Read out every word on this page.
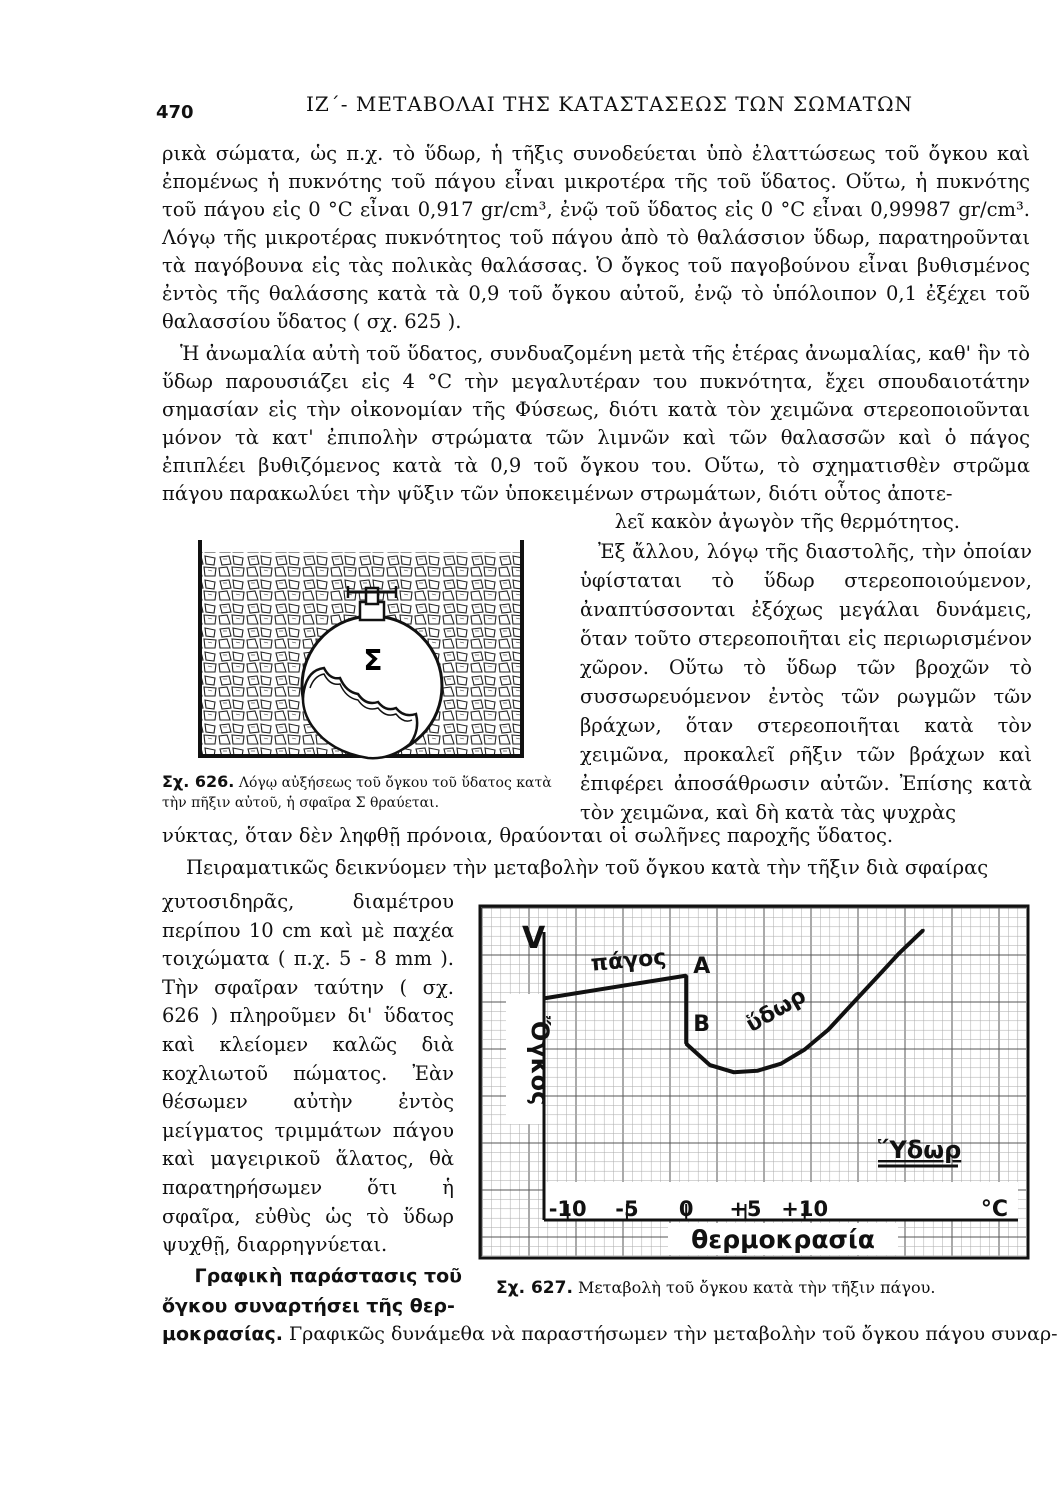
470	ΙΖ΄- ΜΕΤΑΒΟΛΑΙ ΤΗΣ ΚΑΤΑΣΤΑΣΕΩΣ ΤΩΝ ΣΩΜΑΤΩΝ
ρικὰ σώματα, ὡς π.χ. τὸ ὕδωρ, ἡ τῆξις συνοδεύεται ὑπὸ ἐλαττώσεως τοῦ ὄγκου καὶ ἐπομένως ἡ πυκνότης τοῦ πάγου εἶναι μικροτέρα τῆς τοῦ ὕδατος. Οὕτω, ἡ πυκνότης τοῦ πάγου εἰς 0 °C εἶναι 0,917 gr/cm³, ἐνῷ τοῦ ὕδατος εἰς 0 °C εἶναι 0,99987 gr/cm³. Λόγῳ τῆς μικροτέρας πυκνότητος τοῦ πάγου ἀπὸ τὸ θαλάσσιον ὕδωρ, παρατηροῦνται τὰ παγόβουνα εἰς τὰς πολικὰς θαλάσσας. Ὁ ὄγκος τοῦ παγοβούνου εἶναι βυθισμένος ἐντὸς τῆς θαλάσσης κατὰ τὰ 0,9 τοῦ ὄγκου αὐτοῦ, ἐνῷ τὸ ὑπόλοιπον 0,1 ἐξέχει τοῦ θαλασσίου ὕδατος ( σχ. 625 ).
Ἡ ἀνωμαλία αὐτὴ τοῦ ὕδατος, συνδυαζομένη μετὰ τῆς ἑτέρας ἀνωμαλίας, καθ' ἣν τὸ ὕδωρ παρουσιάζει εἰς 4 °C τὴν μεγαλυτέραν του πυκνότητα, ἔχει σπουδαιοτάτην σημασίαν εἰς τὴν οἰκονομίαν τῆς Φύσεως, διότι κατὰ τὸν χειμῶνα στερεοποιοῦνται μόνον τὰ κατ' ἐπιπολὴν στρώματα τῶν λιμνῶν καὶ τῶν θαλασσῶν καὶ ὁ πάγος ἐπιπλέει βυθιζόμενος κατὰ τὰ 0,9 τοῦ ὄγκου του. Οὕτω, τὸ σχηματισθὲν στρῶμα πάγου παρακωλύει τὴν ψῦξιν τῶν ὑποκειμένων στρωμάτων, διότι οὗτος ἀποτε-
λεῖ κακὸν ἀγωγὸν τῆς θερμότητος.
Σ
Σχ. 626. Λόγῳ αὐξήσεως τοῦ ὄγκου τοῦ ὕδατος κατὰ τὴν πῆξιν αὐτοῦ, ἡ σφαῖρα Σ θραύεται.
Ἐξ ἄλλου, λόγῳ τῆς διαστολῆς, τὴν ὁποίαν ὑφίσταται τὸ ὕδωρ στερεοποιούμενον, ἀναπτύσσονται ἐξόχως μεγάλαι δυνάμεις, ὅταν τοῦτο στερεοποιῆται εἰς περιωρισμένον χῶρον. Οὕτω τὸ ὕδωρ τῶν βροχῶν τὸ συσσωρευόμενον ἐντὸς τῶν ρωγμῶν τῶν βράχων, ὅταν στερεοποιῆται κατὰ τὸν χειμῶνα, προκαλεῖ ρῆξιν τῶν βράχων καὶ ἐπιφέρει ἀποσάθρωσιν αὐτῶν. Ἐπίσης κατὰ τὸν χειμῶνα, καὶ δὴ κατὰ τὰς ψυχρὰς
νύκτας, ὅταν δὲν ληφθῇ πρόνοια, θραύονται οἱ σωλῆνες παροχῆς ὕδατος.
Πειραματικῶς δεικνύομεν τὴν μεταβολὴν τοῦ ὄγκου κατὰ τὴν τῆξιν διὰ σφαίρας
χυτοσιδηρᾶς, διαμέτρου περίπου 10 cm καὶ μὲ παχέα τοιχώματα ( π.χ. 5 - 8 mm ). Τὴν σφαῖραν ταύτην ( σχ. 626 ) πληροῦμεν δι' ὕδατος καὶ κλείομεν καλῶς διὰ κοχλιωτοῦ πώματος. Ἐὰν θέσωμεν αὐτὴν ἐντὸς μείγματος τριμμάτων πάγου καὶ μαγειρικοῦ ἅλατος, θὰ παρατηρήσωμεν ὅτι ἡ σφαῖρα, εὐθὺς ὡς τὸ ὕδωρ ψυχθῇ, διαρρηγνύεται.
-10 -5 0 +5 +10	°C
V
Ὄγκος
θερμοκρασία
A
B
πάγος
ὕδωρ
Ὕδωρ
Σχ. 627. Μεταβολὴ τοῦ ὄγκου κατὰ τὴν τῆξιν πάγου.
Γραφικὴ παράστασις τοῦ
ὄγκου συναρτήσει τῆς θερ-
μοκρασίας. Γραφικῶς δυνάμεθα νὰ παραστήσωμεν τὴν μεταβολὴν τοῦ ὄγκου πάγου συναρ-
